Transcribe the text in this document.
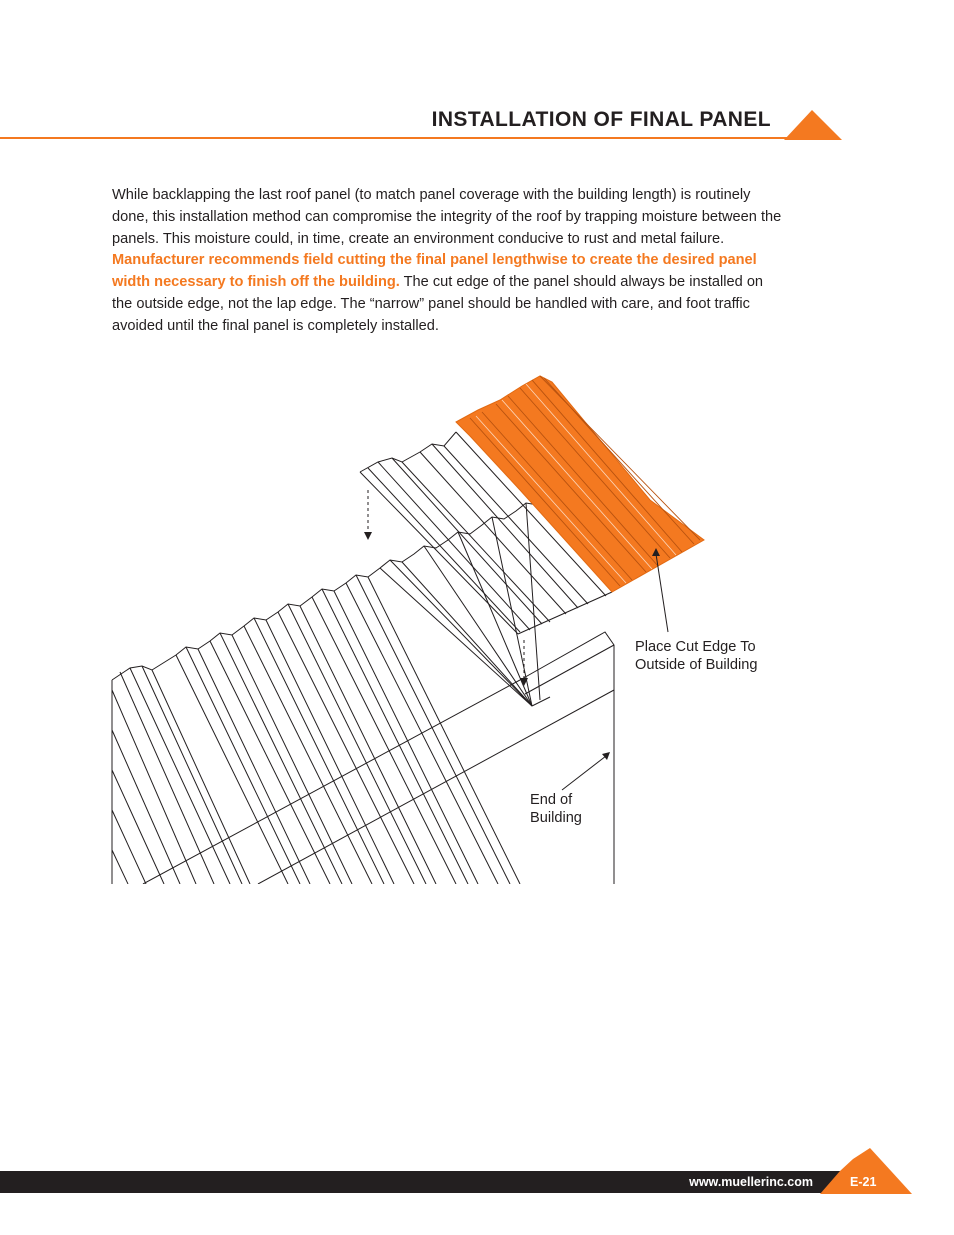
INSTALLATION OF FINAL PANEL

While backlapping the last roof panel (to match panel coverage with the building length) is routinely done, this installation method can compromise the integrity of the roof by trapping moisture between the panels. This moisture could, in time, create an environment conducive to rust and metal failure. Manufacturer recommends field cutting the final panel lengthwise to create the desired panel width necessary to finish off the building. The cut edge of the panel should always be installed on the outside edge, not the lap edge. The “narrow” panel should be handled with care, and foot traffic avoided until the final panel is completely installed.

Place Cut Edge To
Outside of Building

End of
Building

www.muellerinc.com	E-21
